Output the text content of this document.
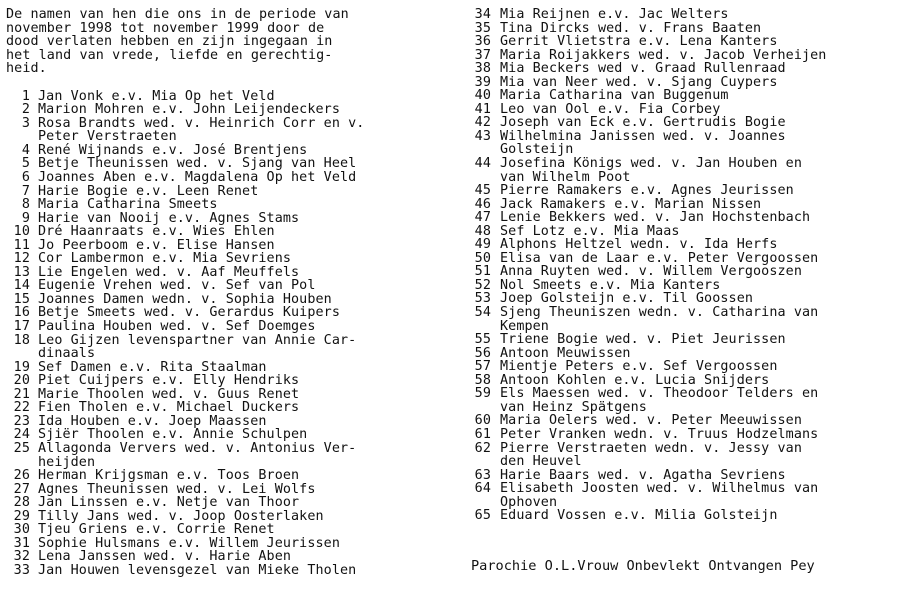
De namen van hen die ons in de periode van
november 1998 tot november 1999 door de
dood verlaten hebben en zijn ingegaan in
het land van vrede, liefde en gerechtig-
heid.
1 Jan Vonk e.v. Mia Op het Veld
2 Marion Mohren e.v. John Leijendeckers
3 Rosa Brandts wed. v. Heinrich Corr en v.
Peter Verstraeten
4 René Wijnands e.v. José Brentjens
5 Betje Theunissen wed. v. Sjang van Heel
6 Joannes Aben e.v. Magdalena Op het Veld
7 Harie Bogie e.v. Leen Renet
8 Maria Catharina Smeets
9 Harie van Nooij e.v. Agnes Stams
10 Dré Haanraats e.v. Wies Ehlen
11 Jo Peerboom e.v. Elise Hansen
12 Cor Lambermon e.v. Mia Sevriens
13 Lie Engelen wed. v. Aaf Meuffels
14 Eugenie Vrehen wed. v. Sef van Pol
15 Joannes Damen wedn. v. Sophia Houben
16 Betje Smeets wed. v. Gerardus Kuipers
17 Paulina Houben wed. v. Sef Doemges
18 Leo Gijzen levenspartner van Annie Car-
dinaals
19 Sef Damen e.v. Rita Staalman
20 Piet Cuijpers e.v. Elly Hendriks
21 Marie Thoolen wed. v. Guus Renet
22 Fien Tholen e.v. Michael Duckers
23 Ida Houben e.v. Joep Maassen
24 Sjiër Thoolen e.v. Annie Schulpen
25 Allagonda Ververs wed. v. Antonius Ver-
heijden
26 Herman Krijgsman e.v. Toos Broen
27 Agnes Theunissen wed. v. Lei Wolfs
28 Jan Linssen e.v. Netje van Thoor
29 Tilly Jans wed. v. Joop Oosterlaken
30 Tjeu Griens e.v. Corrie Renet
31 Sophie Hulsmans e.v. Willem Jeurissen
32 Lena Janssen wed. v. Harie Aben
33 Jan Houwen levensgezel van Mieke Tholen
34 Mia Reijnen e.v. Jac Welters
35 Tina Dircks wed. v. Frans Baaten
36 Gerrit Vlietstra e.v. Lena Kanters
37 Maria Roijakkers wed. v. Jacob Verheijen
38 Mia Beckers wed v. Graad Rullenraad
39 Mia van Neer wed. v. Sjang Cuypers
40 Maria Catharina van Buggenum
41 Leo van Ool e.v. Fia Corbey
42 Joseph van Eck e.v. Gertrudis Bogie
43 Wilhelmina Janissen wed. v. Joannes
Golsteijn
44 Josefina Königs wed. v. Jan Houben en
van Wilhelm Poot
45 Pierre Ramakers e.v. Agnes Jeurissen
46 Jack Ramakers e.v. Marian Nissen
47 Lenie Bekkers wed. v. Jan Hochstenbach
48 Sef Lotz e.v. Mia Maas
49 Alphons Heltzel wedn. v. Ida Herfs
50 Elisa van de Laar e.v. Peter Vergoossen
51 Anna Ruyten wed. v. Willem Vergooszen
52 Nol Smeets e.v. Mia Kanters
53 Joep Golsteijn e.v. Til Goossen
54 Sjeng Theuniszen wedn. v. Catharina van
Kempen
55 Triene Bogie wed. v. Piet Jeurissen
56 Antoon Meuwissen
57 Mientje Peters e.v. Sef Vergoossen
58 Antoon Kohlen e.v. Lucia Snijders
59 Els Maessen wed. v. Theodoor Telders en
van Heinz Spätgens
60 Maria Oelers wed. v. Peter Meeuwissen
61 Peter Vranken wedn. v. Truus Hodzelmans
62 Pierre Verstraeten wedn. v. Jessy van
den Heuvel
63 Harie Baars wed. v. Agatha Sevriens
64 Elisabeth Joosten wed. v. Wilhelmus van
Ophoven
65 Eduard Vossen e.v. Milia Golsteijn
Parochie O.L.Vrouw Onbevlekt Ontvangen Pey
